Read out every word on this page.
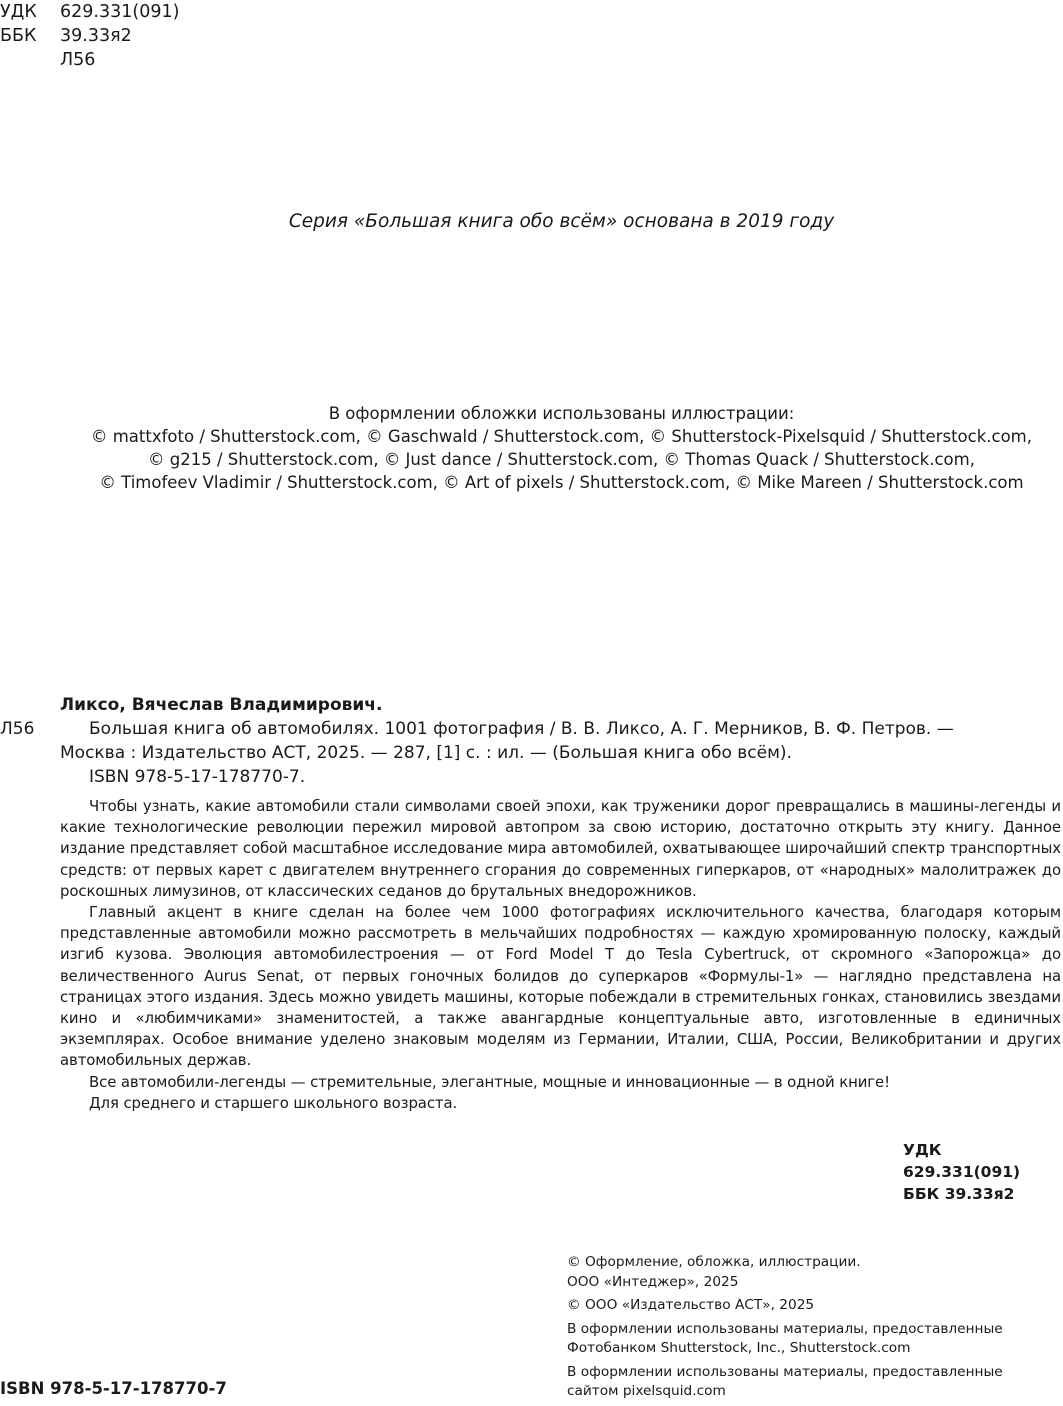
УДК	629.331(091)
ББК	39.33я2
Л56
Серия «Большая книга обо всём» основана в 2019 году
В оформлении обложки использованы иллюстрации:
© mattxfoto / Shutterstock.com, © Gaschwald / Shutterstock.com, © Shutterstock-Pixelsquid / Shutterstock.com,
© g215 / Shutterstock.com, © Just dance / Shutterstock.com, © Thomas Quack / Shutterstock.com,
© Timofeev Vladimir / Shutterstock.com, © Art of pixels / Shutterstock.com, © Mike Mareen / Shutterstock.com
Ликсо, Вячеслав Владимирович.
Л56	Большая книга об автомобилях. 1001 фотография / В. В. Ликсо, А. Г. Мерников, В. Ф. Петров. —
Москва : Издательство АСТ, 2025. — 287, [1] с. : ил. — (Большая книга обо всём).
ISBN 978-5-17-178770-7.

Чтобы узнать, какие автомобили стали символами своей эпохи, как труженики дорог превращались в машины-легенды и какие технологические революции пережил мировой автопром за свою историю, достаточно открыть эту книгу. Данное издание представляет собой масштабное исследование мира автомобилей, охватывающее широчайший спектр транспортных средств: от первых карет с двигателем внутреннего сгорания до современных гиперкаров, от «народных» малолитражек до роскошных лимузинов, от классических седанов до брутальных внедорожников.

Главный акцент в книге сделан на более чем 1000 фотографиях исключительного качества, благодаря которым представленные автомобили можно рассмотреть в мельчайших подробностях — каждую хромированную полоску, каждый изгиб кузова. Эволюция автомобилестроения — от Ford Model T до Tesla Cybertruck, от скромного «Запорожца» до величественного Aurus Senat, от первых гоночных болидов до суперкаров «Формулы-1» — наглядно представлена на страницах этого издания. Здесь можно увидеть машины, которые побеждали в стремительных гонках, становились звездами кино и «любимчиками» знаменитостей, а также авангардные концептуальные авто, изготовленные в единичных экземплярах. Особое внимание уделено знаковым моделям из Германии, Италии, США, России, Великобритании и других автомобильных держав.

Все автомобили-легенды — стремительные, элегантные, мощные и инновационные — в одной книге!

Для среднего и старшего школьного возраста.

УДК 629.331(091)
ББК 39.33я2
© Оформление, обложка, иллюстрации.
ООО «Интеджер», 2025
© ООО «Издательство АСТ», 2025
В оформлении использованы материалы, предоставленные
Фотобанком Shutterstock, Inc., Shutterstock.com
В оформлении использованы материалы, предоставленные
сайтом pixelsquid.com
ISBN 978-5-17-178770-7
